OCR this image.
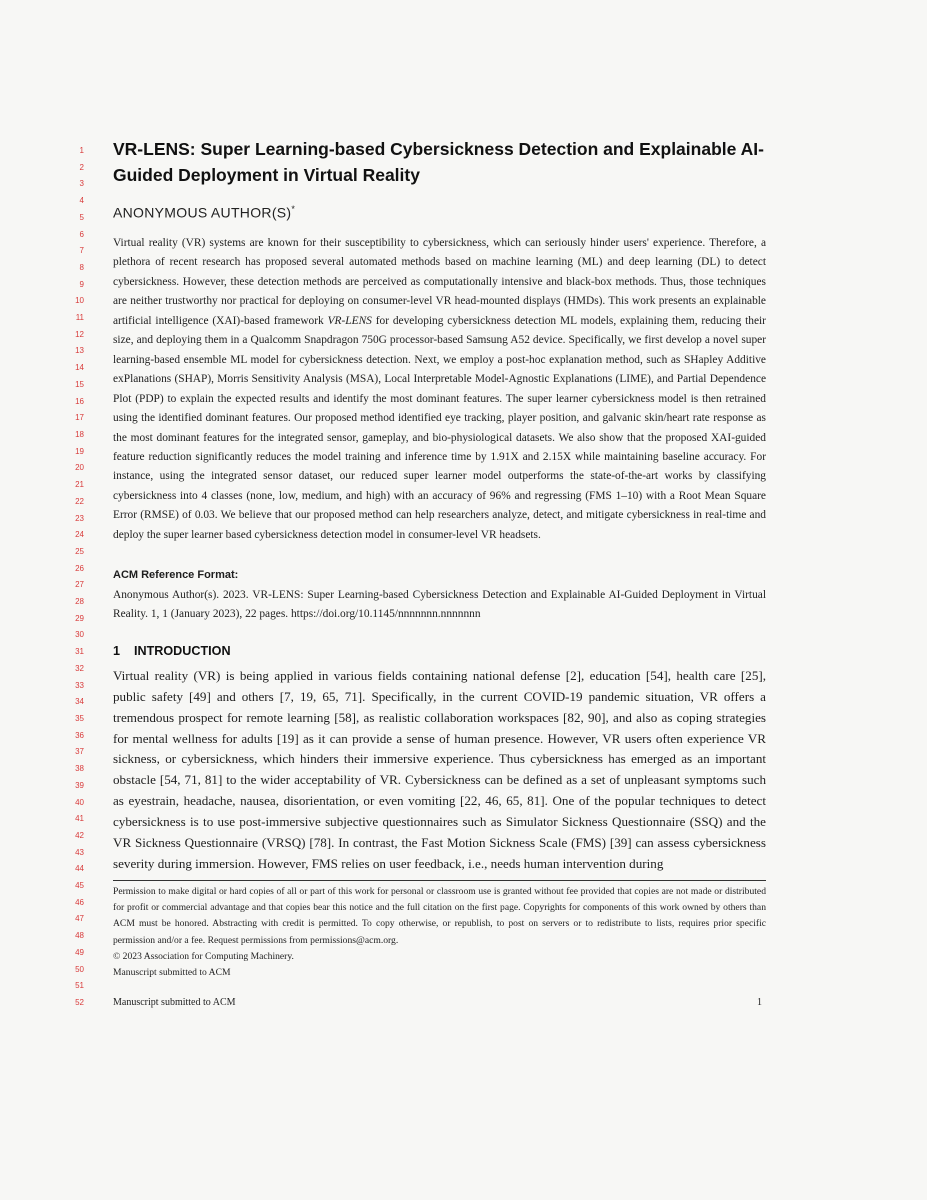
1
2
3
4
5
6
7
8
9
10
11
12
13
14
15
16
17
18
19
20
21
22
23
24
25
26
27
28
29
30
31
32
33
34
35
36
37
38
39
40
41
42
43
44
45
46
47
48
49
50
51
52
VR-LENS: Super Learning-based Cybersickness Detection and Explainable AI-Guided Deployment in Virtual Reality
ANONYMOUS AUTHOR(S)*

Virtual reality (VR) systems are known for their susceptibility to cybersickness, which can seriously hinder users' experience. Therefore, a plethora of recent research has proposed several automated methods based on machine learning (ML) and deep learning (DL) to detect cybersickness. However, these detection methods are perceived as computationally intensive and black-box methods. Thus, those techniques are neither trustworthy nor practical for deploying on consumer-level VR head-mounted displays (HMDs). This work presents an explainable artificial intelligence (XAI)-based framework VR-LENS for developing cybersickness detection ML models, explaining them, reducing their size, and deploying them in a Qualcomm Snapdragon 750G processor-based Samsung A52 device. Specifically, we first develop a novel super learning-based ensemble ML model for cybersickness detection. Next, we employ a post-hoc explanation method, such as SHapley Additive exPlanations (SHAP), Morris Sensitivity Analysis (MSA), Local Interpretable Model-Agnostic Explanations (LIME), and Partial Dependence Plot (PDP) to explain the expected results and identify the most dominant features. The super learner cybersickness model is then retrained using the identified dominant features. Our proposed method identified eye tracking, player position, and galvanic skin/heart rate response as the most dominant features for the integrated sensor, gameplay, and bio-physiological datasets. We also show that the proposed XAI-guided feature reduction significantly reduces the model training and inference time by 1.91X and 2.15X while maintaining baseline accuracy. For instance, using the integrated sensor dataset, our reduced super learner model outperforms the state-of-the-art works by classifying cybersickness into 4 classes (none, low, medium, and high) with an accuracy of 96% and regressing (FMS 1–10) with a Root Mean Square Error (RMSE) of 0.03. We believe that our proposed method can help researchers analyze, detect, and mitigate cybersickness in real-time and deploy the super learner based cybersickness detection model in consumer-level VR headsets.

ACM Reference Format:

Anonymous Author(s). 2023. VR-LENS: Super Learning-based Cybersickness Detection and Explainable AI-Guided Deployment in Virtual Reality. 1, 1 (January 2023), 22 pages. https://doi.org/10.1145/nnnnnnn.nnnnnnn

1 INTRODUCTION

Virtual reality (VR) is being applied in various fields containing national defense [2], education [54], health care [25], public safety [49] and others [7, 19, 65, 71]. Specifically, in the current COVID-19 pandemic situation, VR offers a tremendous prospect for remote learning [58], as realistic collaboration workspaces [82, 90], and also as coping strategies for mental wellness for adults [19] as it can provide a sense of human presence. However, VR users often experience VR sickness, or cybersickness, which hinders their immersive experience. Thus cybersickness has emerged as an important obstacle [54, 71, 81] to the wider acceptability of VR. Cybersickness can be defined as a set of unpleasant symptoms such as eyestrain, headache, nausea, disorientation, or even vomiting [22, 46, 65, 81]. One of the popular techniques to detect cybersickness is to use post-immersive subjective questionnaires such as Simulator Sickness Questionnaire (SSQ) and the VR Sickness Questionnaire (VRSQ) [78]. In contrast, the Fast Motion Sickness Scale (FMS) [39] can assess cybersickness severity during immersion. However, FMS relies on user feedback, i.e., needs human intervention during

Permission to make digital or hard copies of all or part of this work for personal or classroom use is granted without fee provided that copies are not made or distributed for profit or commercial advantage and that copies bear this notice and the full citation on the first page. Copyrights for components of this work owned by others than ACM must be honored. Abstracting with credit is permitted. To copy otherwise, or republish, to post on servers or to redistribute to lists, requires prior specific permission and/or a fee. Request permissions from permissions@acm.org.
© 2023 Association for Computing Machinery.
Manuscript submitted to ACM

Manuscript submitted to ACM	1
